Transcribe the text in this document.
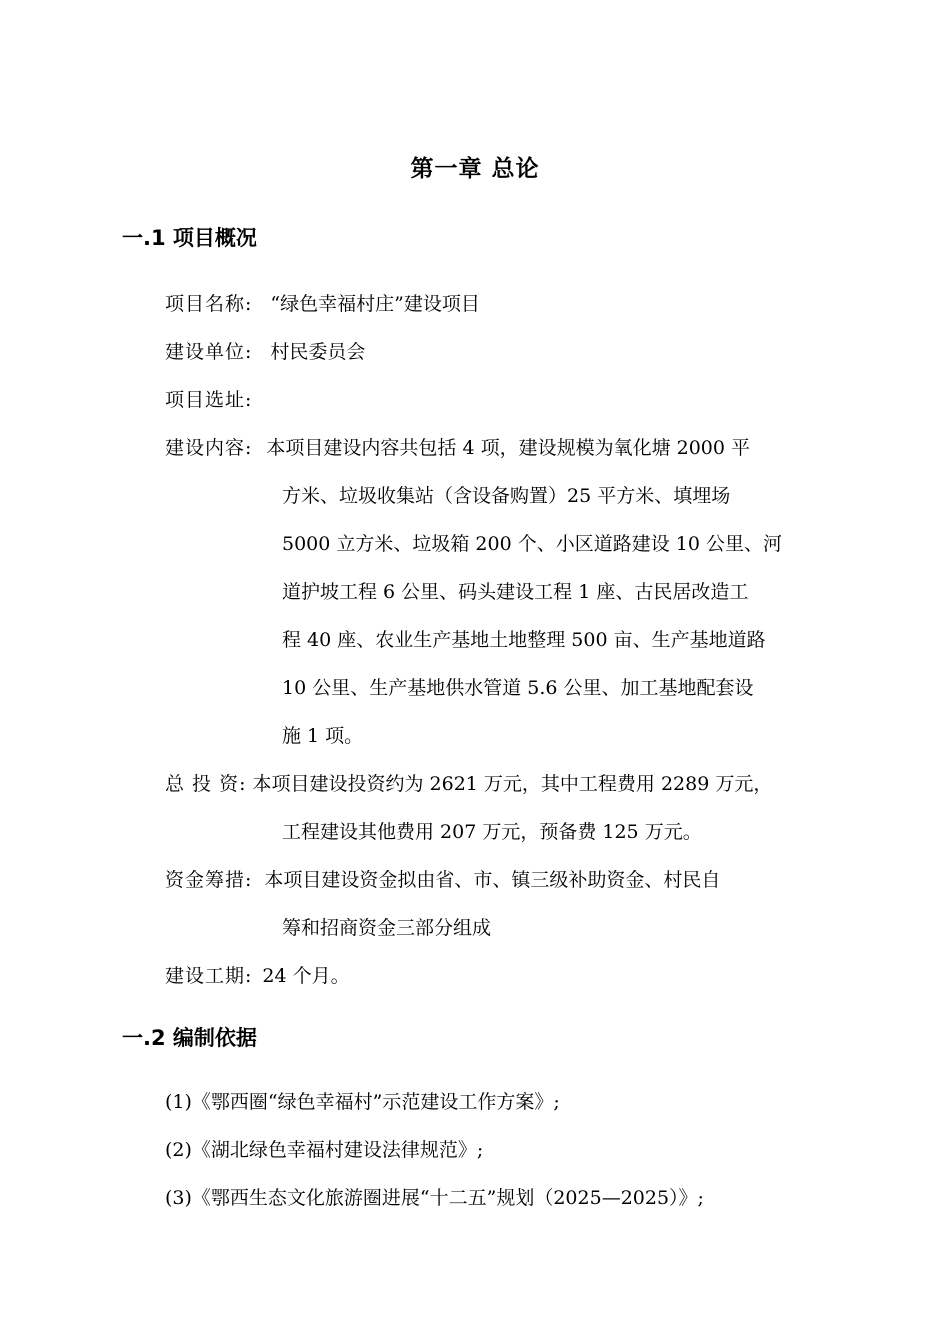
第一章 总论
一.1 项目概况
项目名称: “绿色幸福村庄”建设项目
建设单位: 村民委员会
项目选址:
建设内容: 本项目建设内容共包括 4 项，建设规模为氧化塘 2000 平
方米、垃圾收集站（含设备购置）25 平方米、填埋场
5000 立方米、垃圾箱 200 个、小区道路建设 10 公里、河
道护坡工程 6 公里、码头建设工程 1 座、古民居改造工
程 40 座、农业生产基地土地整理 500 亩、生产基地道路
10 公里、生产基地供水管道 5.6 公里、加工基地配套设
施 1 项。
总 投 资: 本项目建设投资约为 2621 万元，其中工程费用 2289 万元，
工程建设其他费用 207 万元，预备费 125 万元。
资金筹措: 本项目建设资金拟由省、市、镇三级补助资金、村民自
筹和招商资金三部分组成
建设工期: 24 个月。
一.2 编制依据
(1)《鄂西圈“绿色幸福村”示范建设工作方案》;
(2)《湖北绿色幸福村建设法律规范》;
(3)《鄂西生态文化旅游圈进展“十二五”规划（2025—2025）》;
